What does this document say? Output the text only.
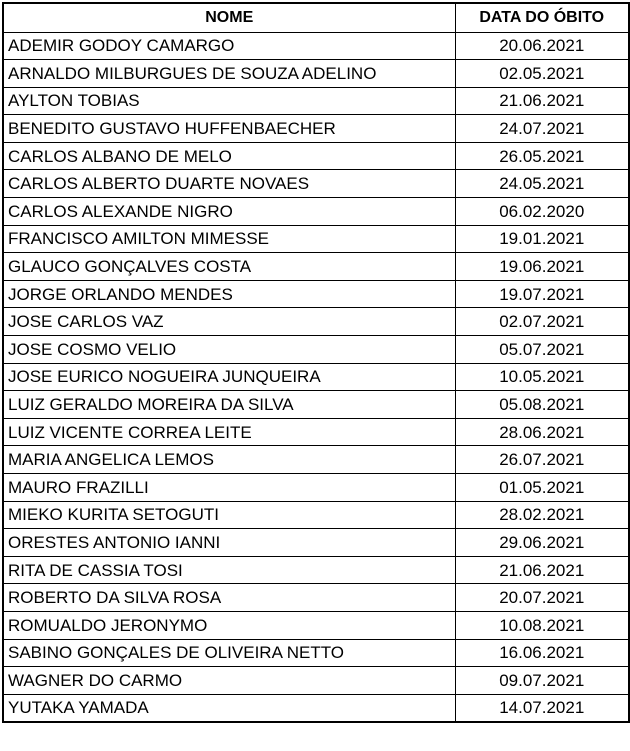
NOME	DATA DO ÓBITO
ADEMIR GODOY CAMARGO	20.06.2021
ARNALDO MILBURGUES DE SOUZA ADELINO	02.05.2021
AYLTON TOBIAS	21.06.2021
BENEDITO GUSTAVO HUFFENBAECHER	24.07.2021
CARLOS ALBANO DE MELO	26.05.2021
CARLOS ALBERTO DUARTE NOVAES	24.05.2021
CARLOS ALEXANDE NIGRO	06.02.2020
FRANCISCO AMILTON MIMESSE	19.01.2021
GLAUCO GONÇALVES COSTA	19.06.2021
JORGE ORLANDO MENDES	19.07.2021
JOSE CARLOS VAZ	02.07.2021
JOSE COSMO VELIO	05.07.2021
JOSE EURICO NOGUEIRA JUNQUEIRA	10.05.2021
LUIZ GERALDO MOREIRA DA SILVA	05.08.2021
LUIZ VICENTE CORREA LEITE	28.06.2021
MARIA ANGELICA LEMOS	26.07.2021
MAURO FRAZILLI	01.05.2021
MIEKO KURITA SETOGUTI	28.02.2021
ORESTES ANTONIO IANNI	29.06.2021
RITA DE CASSIA TOSI	21.06.2021
ROBERTO DA SILVA ROSA	20.07.2021
ROMUALDO JERONYMO	10.08.2021
SABINO GONÇALES DE OLIVEIRA NETTO	16.06.2021
WAGNER DO CARMO	09.07.2021
YUTAKA YAMADA	14.07.2021
